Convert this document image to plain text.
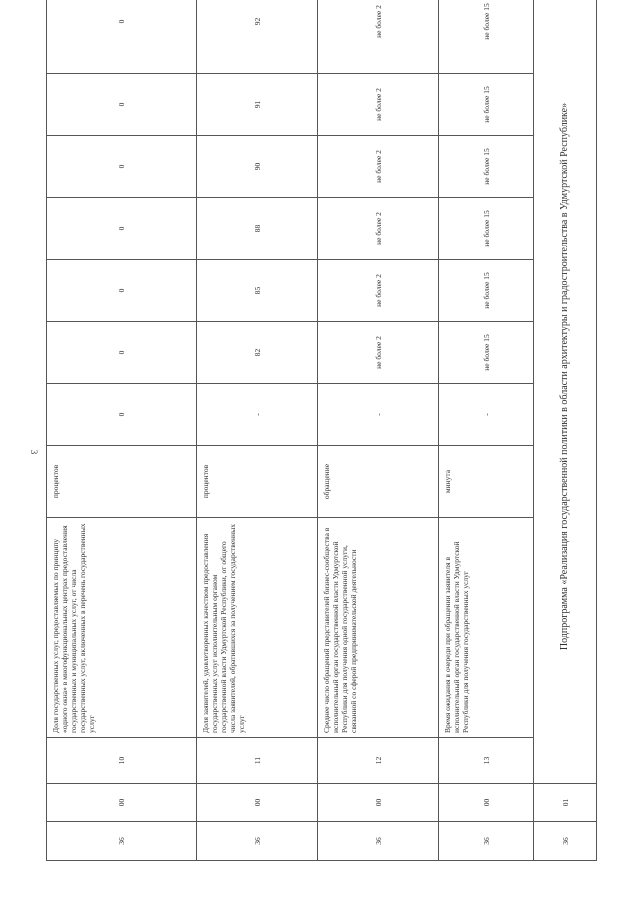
3
36	00	10	Доля государственных услуг, предоставляемых по принципу «одного окна» в многофункциональных центрах предоставления государственных и муниципальных услуг, от числа государственных услуг, включенных в перечень государственных услуг	процентов	0	0	0	0	0	0	0
36	00	11	Доля заявителей, удовлетворенных качеством предоставления государственных услуг исполнительным органом государственной власти Удмуртской Республики, от общего числа заявителей, обратившихся за получением государственных услуг	процентов	-	82	85	88	90	91	92
36	00	12	Среднее число обращений представителей бизнес-сообщества в исполнительный орган государственной власти Удмуртской Республики для получения одной государственной услуги, связанной со сферой предпринимательской деятельности	обращение	-	не более 2	не более 2	не более 2	не более 2	не более 2	не более 2
36	00	13	Время ожидания в очереди при обращении заявителя в исполнительный орган государственной власти Удмуртской Республики для получения государственных услуг	минута	-	не более 15	не более 15	не более 15	не более 15	не более 15	не более 15
36	01	Подпрограмма «Реализация государственной политики в области архитектуры и градостроительства в Удмуртской Республике»									
